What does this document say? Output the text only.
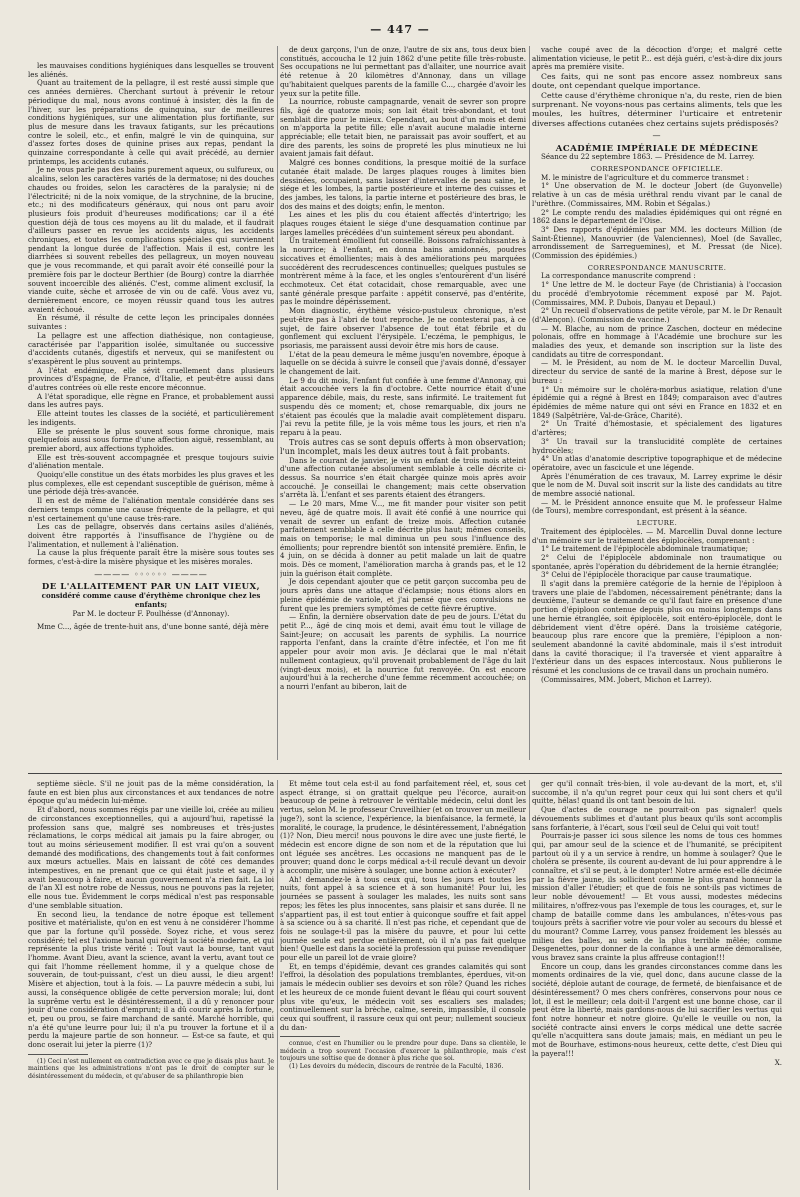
— 447 —

les mauvaises conditions hygiéniques dans lesquelles se trouvent les aliénés.

Quant au traitement de la pellagre, il est resté aussi simple que ces années dernières. Cherchant surtout à prévenir le retour périodique du mal, nous avons continué à insister, dès la fin de l'hiver, sur les préparations de quinquina, sur de meilleures conditions hygiéniques, sur une alimentation plus fortifiante, sur plus de mesure dans les travaux fatigants, sur les précautions contre le soleil, etc., et enfin, malgré le vin de quinquina, sur d'assez fortes doses de quinine prises aux repas, pendant la quinzaine correspondante à celle qui avait précédé, au dernier printemps, les accidents cutanés.

Je ne vous parle pas des bains purement aqueux, ou sulfureux, ou alcalins, selon les caractères variés de la dermatose; ni des douches chaudes ou froides, selon les caractères de la paralysie; ni de l'électricité; ni de la noix vomique, de la strychnine, de la brucine, etc.; ni des modificateurs généraux, qui nous ont paru avoir plusieurs fois produit d'heureuses modifications; car il a été question déjà de tous ces moyens au lit du malade, et il faudrait d'ailleurs passer en revue les accidents aigus, les accidents chroniques, et toutes les complications spéciales qui surviennent pendant la longue durée de l'affection. Mais il est, contre les diarrhées si souvent rebelles des pellagreux, un moyen nouveau que je vous recommande, et qui paraît avoir été conseillé pour la première fois par le docteur Berthier (de Bourg) contre la diarrhée souvent incoercible des aliénés. C'est, comme aliment exclusif, la viande cuite, sèche et arrosée de vin ou de café. Vous avez vu, dernièrement encore, ce moyen réussir quand tous les autres avaient échoué.

En résumé, il résulte de cette leçon les principales données suivantes :

La pellagre est une affection diathésique, non contagieuse, caractérisée par l'apparition isolée, simultanée ou successive d'accidents cutanés, digestifs et nerveux, qui se manifestent ou s'exaspèrent le plus souvent au printemps.

A l'état endémique, elle sévit cruellement dans plusieurs provinces d'Espagne, de France, d'Italie, et peut-être aussi dans d'autres contrées où elle reste encore méconnue.

A l'état sporadique, elle règne en France, et probablement aussi dans les autres pays.

Elle atteint toutes les classes de la société, et particulièrement les indigents.

Elle se présente le plus souvent sous forme chronique, mais quelquefois aussi sous forme d'une affection aiguë, ressemblant, au premier abord, aux affections typhoïdes.

Elle est très-souvent accompagnée et presque toujours suivie d'aliénation mentale.

Quoiqu'elle constitue un des états morbides les plus graves et les plus complexes, elle est cependant susceptible de guérison, même à une période déjà très-avancée.

Il en est de même de l'aliénation mentale considérée dans ses derniers temps comme une cause fréquente de la pellagre, et qui n'est certainement qu'une cause très-rare.

Les cas de pellagre, observés dans certains asiles d'aliénés, doivent être rapportés à l'insuffisance de l'hygiène ou de l'alimentation, et nullement à l'aliénation.

La cause la plus fréquente paraît être la misère sous toutes ses formes, c'est-à-dire la misère physique et les misères morales.

———— ◦◦◦◦◦◦ ————

DE L'ALLAITEMENT PAR UN LAIT VIEUX,

considéré comme cause d'érythème chronique chez les enfants;

Par M. le docteur F. Poulhésse (d'Annonay).

Mme C..., âgée de trente-huit ans, d'une bonne santé, déjà mère

de deux garçons, l'un de onze, l'autre de six ans, tous deux bien constitués, accoucha le 12 juin 1862 d'une petite fille très-robuste. Ses occupations ne lui permettant pas d'allaiter, une nourrice avait été retenue à 20 kilomètres d'Annonay, dans un village qu'habitaient quelques parents de la famille C..., chargée d'avoir les yeux sur la petite fille.

La nourrice, robuste campagnarde, venait de sevrer son propre fils, âgé de quatorze mois; son lait était très-abondant, et tout semblait dire pour le mieux. Cependant, au bout d'un mois et demi on m'apporta la petite fille; elle n'avait aucune maladie interne appréciable; elle tetait bien, ne paraissait pas avoir souffert, et au dire des parents, les soins de propreté les plus minutieux ne lui avaient jamais fait défaut.

Malgré ces bonnes conditions, la presque moitié de la surface cutanée était malade. De larges plaques rouges à limites bien dessinées, occupaient, sans laisser d'intervalles de peau saine, le siége et les lombes, la partie postérieure et interne des cuisses et des jambes, les talons, la partie interne et postérieure des bras, le dos des mains et des doigts; enfin, le menton.

Les aines et les plis du cou étaient affectés d'intertrigo; les plaques rouges étaient le siége d'une desquamation continue par larges lamelles précédées d'un suintement séreux peu abondant.

Un traitement émollient fut conseillé. Boissons rafraîchissantes à la nourrice; à l'enfant, en donna bains amidonnés, poudres siccatives et émollientes; mais à des améliorations peu marquées succédèrent des recrudescences continuelles; quelques pustules se montrèrent même à la face, et les ongles s'entourèrent d'un liséré ecchmoteux. Cet état cotacidait, chose remarquable, avec une santé générale presque parfaite : appétit conservé, pas d'entérite, pas le moindre dépérissement.

Mon diagnostic, érythème vésico-pustuleux chronique, n'est peut-être pas à l'abri de tout reproche. Je ne contesterai pas, à ce sujet, de faire observer l'absence de tout état fébrile et du gonflement qui excluent l'érysipèle. L'eczéma, le pemphigus, le psoriasis, me paraissent aussi devoir être mis hors de cause.

L'état de la peau demeura le même jusqu'en novembre, époque à laquelle on se décida à suivre le conseil que j'avais donné, d'essayer le changement de lait.

Le 9 du dit mois, l'enfant fut confiée à une femme d'Annonay, qui était accouchée vers la fin d'octobre. Cette nourrice était d'une apparence débile, mais, du reste, sans infirmité. Le traitement fut suspendu dès ce moment; et, chose remarquable, dix jours ne s'étaient pas écoulés que la maladie avait complètement disparu. J'ai revu la petite fille, je la vois même tous les jours, et rien n'a reparu à la peau.

Trois autres cas se sont depuis offerts à mon observation; l'un incomplet, mais les deux autres tout à fait probants.

Dans le courant de janvier, je vis un enfant de trois mois atteint d'une affection cutanée absolument semblable à celle décrite ci-dessus. Sa nourrice s'en était chargée quinze mois après avoir accouché. Je conseillai le changement; mais cette observation s'arrêta là. L'enfant et ses parents étaient des étrangers.

— Le 20 mars, Mme V..., me fit mander pour visiter son petit neveu, âgé de quatre mois. Il avait été confié à une nourrice qui venait de sevrer un enfant de treize mois. Affection cutanée parfaitement semblable à celle décrite plus haut; mêmes conseils, mais on temporise; le mal diminua un peu sous l'influence des émollients; pour reprendre bientôt son intensité première. Enfin, le 4 juin, on se décida à donner au petit malade un lait de quatre mois. Dès ce moment, l'amélioration marcha à grands pas, et le 12 juin la guérison était complète.

Je dois cependant ajouter que ce petit garçon succomba peu de jours après dans une attaque d'éclampsie; nous étions alors en pleine épidémie de variole, et j'ai pensé que ces convulsions ne furent que les premiers symptômes de cette fièvre éruptive.

— Enfin, la dernière observation date de peu de jours. L'état du petit P..., âgé de cinq mois et demi, avait ému tout le village de Saint-Jeure; on accusait les parents de syphilis. La nourrice rapporta l'enfant, dans la crainte d'être infectée, et l'on me fit appeler pour avoir mon avis. Je déclarai que le mal n'était nullement contagieux, qu'il provenait probablement de l'âge du lait (vingt-deux mois), et la nourrice fut renvoyée. On est encore aujourd'hui à la recherche d'une femme récemment accouchée; on a nourri l'enfant au biberon, lait de

vache coupé avec de la décoction d'orge; et malgré cette alimentation vicieuse, le petit P... est déjà guéri, c'est-à-dire dix jours après ma première visite.

Ces faits, qui ne sont pas encore assez nombreux sans doute, ont cependant quelque importance.

Cette cause d'érythème chronique n'a, du reste, rien de bien surprenant. Ne voyons-nous pas certains aliments, tels que les moules, les huîtres, déterminer l'urticaire et entretenir diverses affections cutanées chez certains sujets prédisposés?

—

ACADÉMIE IMPÉRIALE DE MÉDECINE

Séance du 22 septembre 1863. — Présidence de M. Larrey.

CORRESPONDANCE OFFICIELLE.

M. le ministre de l'agriculture et du commerce transmet :

1° Une observation de M. le docteur Jobert (de Guyonvelle) relative à un cas de mésia uréthral rendu vivant par le canal de l'urèthre. (Commissaires, MM. Robin et Ségalas.)

2° Le compte rendu des maladies épidémiques qui ont régné en 1862 dans le département de l'Oise.

3° Des rapports d'épidémies par MM. les docteurs Million (de Saint-Étienne), Manouvrier (de Valenciennes), Moel (de Savallec, arrondissement de Sarreguemines), et M. Pressat (de Nice). (Commission des épidémies.)

CORRESPONDANCE MANUSCRITE.

La correspondance manuscrite comprend :

1° Une lettre de M. le docteur Faye (de Christiania) à l'occasion du procédé d'embryotomie récemment exposé par M. Pajot. (Commissaires, MM. P. Dubois, Danyau et Depaul.)

2° Un recueil d'observations de petite vérole, par M. le Dr Renault (d'Alençon). (Commission de vaccine.)

— M. Blache, au nom de prince Zaschen, docteur en médecine polonais, offre en hommage à l'Académie une brochure sur les maladies des yeux, et demande son inscription sur la liste des candidats au titre de correspondant.

— M. le Président, au nom de M. le docteur Marcellin Duval, directeur du service de santé de la marine à Brest, dépose sur le bureau :

1° Un mémoire sur le choléra-morbus asiatique, relation d'une épidémie qui a régné à Brest en 1849; comparaison avec d'autres épidémies de même nature qui ont sévi en France en 1832 et en 1849 (Salpêtrière, Val-de-Grâce, Charité).

2° Un Traité d'hémostasie, et spécialement des ligatures d'artères;

3° Un travail sur la translucidité complète de certaines hydrocèles;

4° Un atlas d'anatomie descriptive topographique et de médecine opératoire, avec un fascicule et une légende.

Après l'énumération de ces travaux, M. Larrey exprime le désir que le nom de M. Duval soit inscrit sur la liste des candidats au titre de membre associé national.

— M. le Président annonce ensuite que M. le professeur Halme (de Tours), membre correspondant, est présent à la séance.

LECTURE.

Traitement des épiplocèles. — M. Marcellin Duval donne lecture d'un mémoire sur le traitement des épiplocèles, comprenant :

1° Le traitement de l'épiplocèle abdominale traumatique;

2° Celui de l'épiplocèle abdominale non traumatique ou spontanée, après l'opération du débridement de la hernie étranglée;

3° Celui de l'épiplocèle thoracique par cause traumatique.

Il s'agit dans la première catégorie de la hernie de l'épiploon à travers une plaie de l'abdomen, nécessairement pénétrante; dans la deuxième, l'auteur se demande ce qu'il faut faire en présence d'une portion d'épiploon contenue depuis plus ou moins longtemps dans une hernie étranglée, soit épiplocèle, soit entéro-épiplocèle, dont le débridement vient d'être opéré. Dans la troisième catégorie, beaucoup plus rare encore que la première, l'épiploon a non-seulement abandonné la cavité abdominale, mais il s'est introduit dans la cavité thoracique; il l'a traversée et vient apparaître à l'extérieur dans un des espaces intercostaux. Nous publierons le résumé et les conclusions de ce travail dans un prochain numéro.

(Commissaires, MM. Jobert, Michon et Larrey).

septième siècle. S'il ne jouit pas de la même considération, la faute en est bien plus aux circonstances et aux tendances de notre époque qu'au médecin lui-même.

Et d'abord, nous sommes régis par une vieille loi, créée au milieu de circonstances exceptionnelles, qui a aujourd'hui, rapetissé la profession sans que, malgré ses nombreuses et très-justes réclamations, le corps médical ait jamais pu la faire abroger, ou tout au moins sérieusement modifier. Il est vrai qu'on a souvent demandé des modifications, des changements tout à fait conformes aux mœurs actuelles. Mais en laissant de côté ces demandes intempestives, en ne prenant que ce qui était juste et sage, il y avait beaucoup à faire, et aucun gouvernement n'a rien fait. La loi de l'an XI est notre robe de Nessus, nous ne pouvons pas la rejeter, elle nous tue. Évidemment le corps médical n'est pas responsable d'une semblable situation.

En second lieu, la tendance de notre époque est tellement positive et matérialiste, qu'on en est venu à ne considérer l'homme que par la fortune qu'il possède. Soyez riche, et vous serez considéré; tel est l'axiome banal qui régit la société moderne, et qui représente la plus triste vérité : Tout vaut la bourse, tant vaut l'homme. Avant Dieu, avant la science, avant la vertu, avant tout ce qui fait l'homme réellement homme, il y a quelque chose de souverain, de tout-puissant, c'est un dieu aussi, le dieu argent! Misère et abjection, tout à la fois. — La pauvre médecin a subi, lui aussi, la conséquence obligée de cette perversion morale; lui, dont la suprême vertu est le désintéressement, il a dû y renoncer pour jouir d'une considération d'emprunt; il a dû courir après la fortune, et, peu ou prou, se faire marchand de santé. Marché horrible, qui n'a été qu'une leurre pour lui; il n'a pu trouver la fortune et il a perdu la majeure partie de son honneur. — Est-ce sa faute, et qui donc oserait lui jeter la pierre (1)?

(1) Ceci n'est nullement en contradiction avec ce que je disais plus haut. Je maintiens que les administrations n'ont pas le droit de compter sur le désintéressement du médecin, et qu'abuser de sa philanthropie bien

Et même tout cela est-il au fond parfaitement réel, et, sous cet aspect étrange, si on grattait quelque peu l'écorce, aurait-on beaucoup de peine à retrouver le véritable médecin, celui dont les vertus, selon M. le professeur Cruveilhier (et on trouver un meilleur juge?), sont la science, l'expérience, la bienfaisance, la fermeté, la moralité, le courage, la prudence, le désintéressement, l'abnégation (1)? Non, Dieu merci! nous pouvons le dire avec une juste fierté, le médecin est encore digne de son nom et de la réputation que lui ont léguée ses ancêtres. Les occasions ne manquent pas de le prouver; quand donc le corps médical a-t-il reculé devant un devoir à accomplir, une misère à soulager, une bonne action à exécuter?

Ah! demandez-le à tous ceux qui, tous les jours et toutes les nuits, font appel à sa science et à son humanité! Pour lui, les journées se passent à soulager les malades, les nuits sont sans repos; les fêtes les plus innocentes, sans plaisir et sans durée. Il ne s'appartient pas, il est tout entier à quiconque souffre et fait appel à sa science ou à sa charité. Il n'est pas riche, et cependant que de fois ne soulage-t-il pas la misère du pauvre, et pour lui cette journée seule est perdue entièrement, où il n'a pas fait quelque bien! Quelle est dans la société la profession qui puisse revendiquer pour elle un pareil lot de vraie gloire?

Et, en temps d'épidémie, devant ces grandes calamités qui sont l'effroi, la désolation des populations tremblantes, éperdues, vit-on jamais le médecin oublier ses devoirs et son rôle? Quand les riches et les heureux de ce monde fuient devant le fléau qui court souvent plus vite qu'eux, le médecin voit ses escaliers ses malades; continuellement sur la brèche, calme, serein, impassible, il console ceux qui souffrent, il rassure ceux qui ont peur; nullement soucieux du dan-

connue, c'est en l'humilier ou le prendre pour dupe. Dans sa clientèle, le médecin a trop souvent l'occasion d'exercer la philanthropie, mais c'est toujours une sottise que de donner à plus riche que soi.

(1) Les devoirs du médecin, discours de rentrée de la Faculté, 1836.

ger qu'il connaît très-bien, il vole au-devant de la mort, et, s'il succombe, il n'a qu'un regret pour ceux qui lui sont chers et qu'il quitte, hélas! quand ils ont tant besoin de lui.

Que d'actes de courage ne pourrait-on pas signaler! quels dévouements sublimes et d'autant plus beaux qu'ils sont accomplis sans forfanterie, à l'écart, sous l'œil seul de Celui qui voit tout!

Pourrais-je passer ici sous silence les noms de tous ces hommes qui, par amour seul de la science et de l'humanité, se précipitent partout où il y a un service à rendre, un homme à soulager? Que le choléra se présente, ils courent au-devant de lui pour apprendre à le connaître, et s'il se peut, à le dompter! Notre armée est-elle décimée par la fièvre jaune, ils sollicitent comme le plus grand honneur la mission d'aller l'étudier; et que de fois ne sont-ils pas victimes de leur noble dévouement! — Et vous aussi, modestes médecins militaires, n'offrez-vous pas l'exemple de tous les courages, et, sur le champ de bataille comme dans les ambulances, n'êtes-vous pas toujours prêts à sacrifier votre vie pour voler au secours du blessé et du mourant? Comme Larrey, vous pansez froidement les blessés au milieu des balles, au sein de la plus terrible mêlée; comme Desgenettes, pour donner de la confiance à une armée démoralisée, vous bravez sans crainte la plus affreuse contagion!!!

Encore un coup, dans les grandes circonstances comme dans les moments ordinaires de la vie, quel donc, dans aucune classe de la société, déploie autant de courage, de fermeté, de bienfaisance et de désintéressement? O mes chers confrères, conservons pour nous ce lot, il est le meilleur; cela doit-il l'argent est une bonne chose, car il peut être la liberté, mais gardons-nous de lui sacrifier les vertus qui font notre honneur et notre gloire. Qu'elle le veuille ou non, la société contracte ainsi envers le corps médical une dette sacrée qu'elle n'acquittera sans doute jamais; mais, en médiant un peu le mot de Bourhave, estimons-nous heureux, cette dette, c'est Dieu qui la payera!!!

X.
